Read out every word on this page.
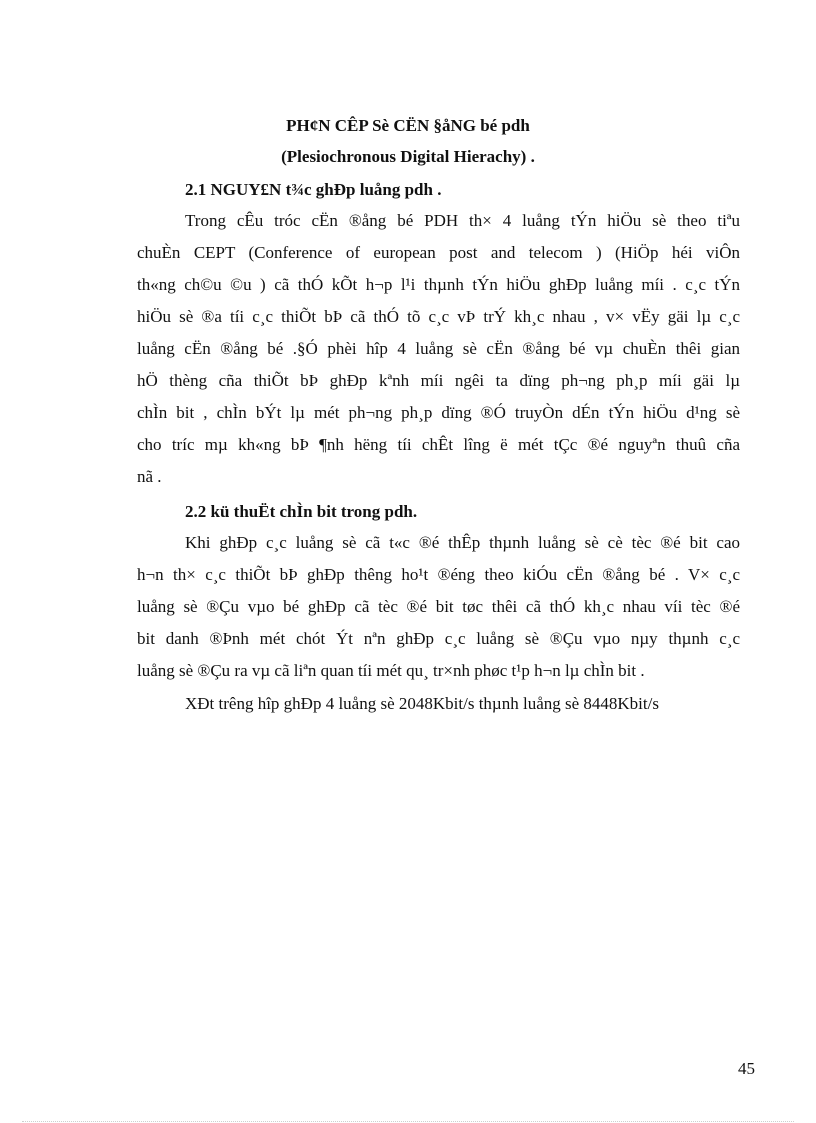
PH¢N CÊP Sè CËN §åNG bé pdh
(Plesiochronous Digital Hierachy) .
2.1 NGUY£N t¾c ghÐp luång pdh .
Trong cÊu tróc cËn ®ång bé PDH th× 4 luång tÝn hiÖu sè theo tiªu
chuÈn CEPT (Conference of european post and telecom ) (HiÖp héi viÔn
th«ng ch©u ©u ) cã thÓ kÕt h¬p l¹i thµnh tÝn hiÖu ghÐp luång míi . c¸c tÝn
hiÖu sè ®a tíi c¸c thiÕt bÞ cã thÓ tõ c¸c vÞ trÝ kh¸c nhau , v× vËy gäi lµ c¸c
luång cËn ®ång bé .§Ó phèi hîp 4 luång sè cËn ®ång bé vµ chuÈn thêi gian
hÖ thèng cña thiÕt bÞ ghÐp kªnh míi ngêi ta dïng ph¬ng ph¸p míi gäi lµ
chÌn bit , chÌn bÝt lµ mét ph¬ng ph¸p dïng ®Ó truyÒn dÉn tÝn hiÖu d¹ng sè
cho tríc mµ kh«ng bÞ ¶nh hëng tíi chÊt lîng ë mét tÇc ®é nguyªn thuû cña
nã .
2.2 kü thuËt chÌn bit trong pdh.
Khi ghÐp c¸c luång sè cã t«c ®é thÊp thµnh luång sè cè tèc ®é bit cao
h¬n th× c¸c thiÕt bÞ ghÐp thêng ho¹t ®éng theo kiÓu cËn ®ång bé . V× c¸c
luång sè ®Çu vµo bé ghÐp cã tèc ®é bit tøc thêi cã thÓ kh¸c nhau víi tèc ®é
bit danh ®Þnh mét chót Ýt nªn ghÐp c¸c luång sè ®Çu vµo nµy thµnh c¸c
luång sè ®Çu ra vµ cã liªn quan tíi mét qu¸ tr×nh phøc t¹p h¬n lµ chÌn bit .
XÐt trêng hîp ghÐp 4 luång sè 2048Kbit/s thµnh luång sè 8448Kbit/s
45
